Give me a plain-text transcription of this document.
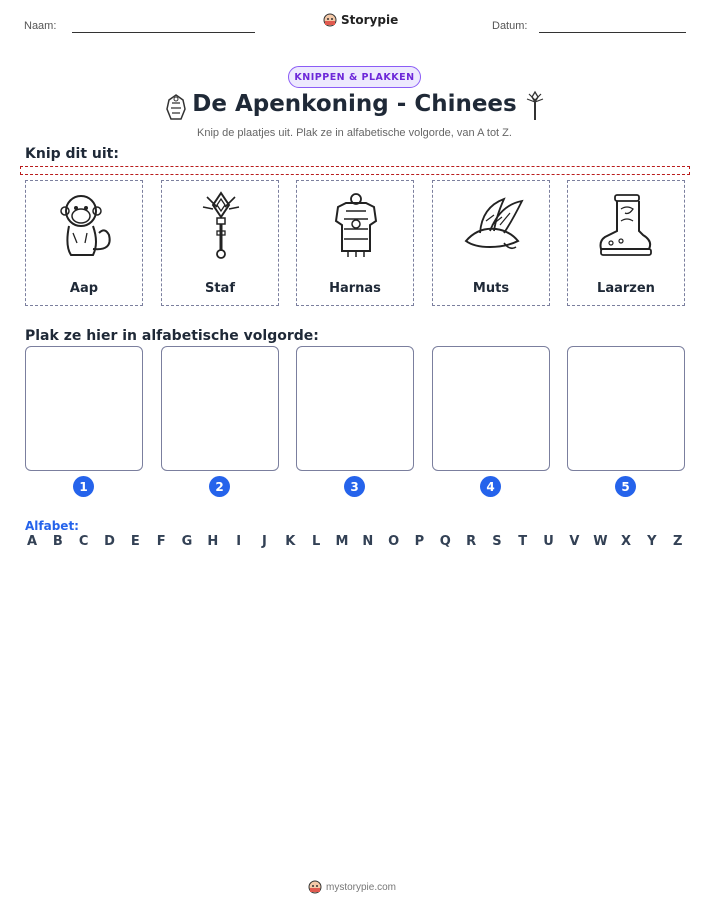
Naam:	Storypie	Datum:
KNIPPEN & PLAKKEN
De Apenkoning - Chinees
Knip de plaatjes uit. Plak ze in alfabetische volgorde, van A tot Z.
Knip dit uit:
Aap	Staf	Harnas	Muts	Laarzen
Plak ze hier in alfabetische volgorde:
1	2	3	4	5
Alfabet:
A B C D E F G H	I	J	K L M N O P Q R S T U V W X Y Z
mystorypie.com
